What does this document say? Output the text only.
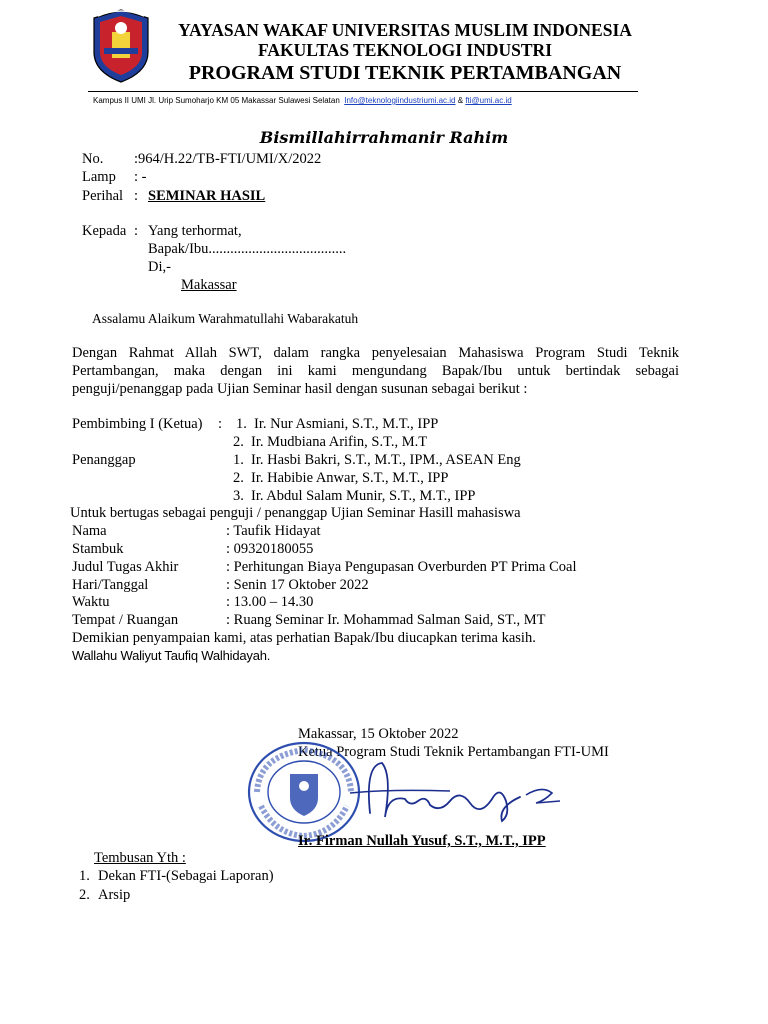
YAYASAN WAKAF UNIVERSITAS MUSLIM INDONESIA
FAKULTAS TEKNOLOGI INDUSTRI
PROGRAM STUDI TEKNIK PERTAMBANGAN
Kampus II UMI Jl. Urip Sumoharjo KM 05 Makassar Sulawesi Selatan Info@teknologiindustriumi.ac.id & fti@umi.ac.id
Bismillahirrahmanir Rahim
No. :964/H.22/TB-FTI/UMI/X/2022
Lamp : -
Perihal : SEMINAR HASIL
Kepada : Yang terhormat,
Bapak/Ibu......................................
Di,-
Makassar
Assalamu Alaikum Warahmatullahi Wabarakatuh
Dengan Rahmat Allah SWT, dalam rangka penyelesaian Mahasiswa Program Studi Teknik
Pertambangan, maka dengan ini kami mengundang Bapak/Ibu untuk bertindak sebagai
penguji/penanggap pada Ujian Seminar hasil dengan susunan sebagai berikut :
Pembimbing I (Ketua) : 1. Ir. Nur Asmiani, S.T., M.T., IPP
2. Ir. Mudbiana Arifin, S.T., M.T
Penanggap	1. Ir. Hasbi Bakri, S.T., M.T., IPM., ASEAN Eng
2. Ir. Habibie Anwar, S.T., M.T., IPP
3. Ir. Abdul Salam Munir, S.T., M.T., IPP
Untuk bertugas sebagai penguji / penanggap Ujian Seminar Hasill mahasiswa
Nama	: Taufik Hidayat
Stambuk	: 09320180055
Judul Tugas Akhir	: Perhitungan Biaya Pengupasan Overburden PT Prima Coal
Hari/Tanggal	: Senin 17 Oktober 2022
Waktu	: 13.00 – 14.30
Tempat / Ruangan	: Ruang Seminar Ir. Mohammad Salman Said, ST., MT
Demikian penyampaian kami, atas perhatian Bapak/Ibu diucapkan terima kasih.
Wallahu Waliyut Taufiq Walhidayah.
Makassar, 15 Oktober 2022
Ketua Program Studi Teknik Pertambangan FTI-UMI
Ir. Firman Nullah Yusuf, S.T., M.T., IPP
Tembusan Yth :
1. Dekan FTI-(Sebagai Laporan)
2. Arsip
